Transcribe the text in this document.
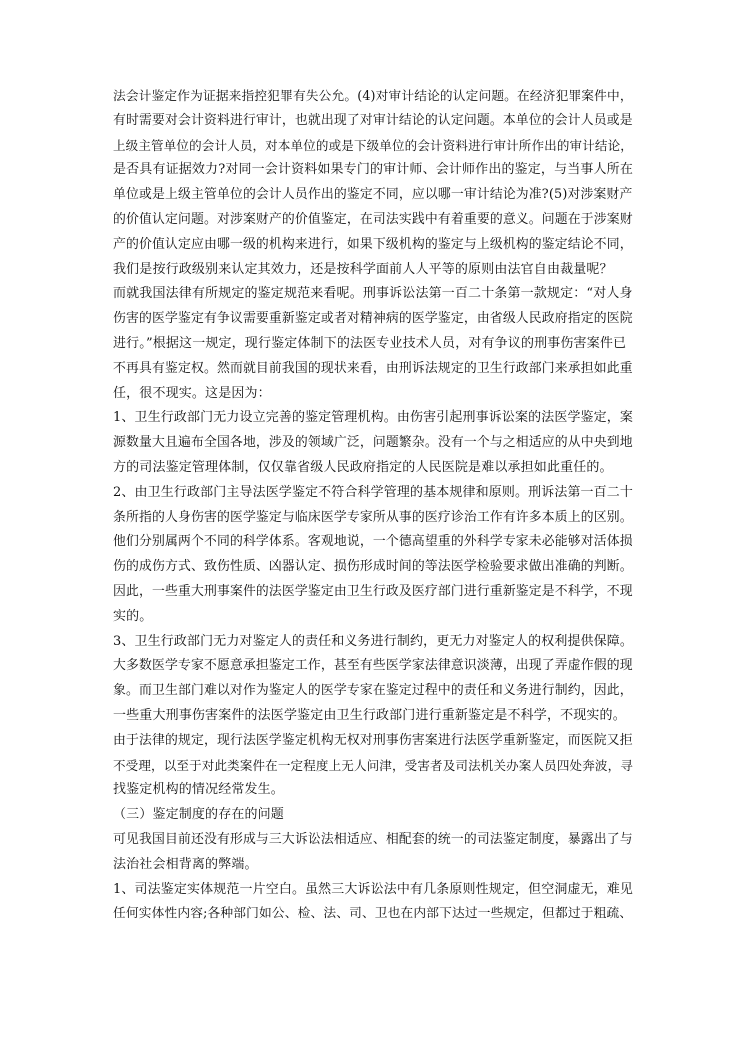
法会计鉴定作为证据来指控犯罪有失公允。(4)对审计结论的认定问题。在经济犯罪案件中，
有时需要对会计资料进行审计，也就出现了对审计结论的认定问题。本单位的会计人员或是
上级主管单位的会计人员，对本单位的或是下级单位的会计资料进行审计所作出的审计结论，
是否具有证据效力?对同一会计资料如果专门的审计师、会计师作出的鉴定，与当事人所在
单位或是上级主管单位的会计人员作出的鉴定不同，应以哪一审计结论为准?(5)对涉案财产
的价值认定问题。对涉案财产的价值鉴定，在司法实践中有着重要的意义。问题在于涉案财
产的价值认定应由哪一级的机构来进行，如果下级机构的鉴定与上级机构的鉴定结论不同，
我们是按行政级别来认定其效力，还是按科学面前人人平等的原则由法官自由裁量呢？
而就我国法律有所规定的鉴定规范来看呢。刑事诉讼法第一百二十条第一款规定：“对人身
伤害的医学鉴定有争议需要重新鉴定或者对精神病的医学鉴定，由省级人民政府指定的医院
进行。”根据这一规定，现行鉴定体制下的法医专业技术人员，对有争议的刑事伤害案件已
不再具有鉴定权。然而就目前我国的现状来看，由刑诉法规定的卫生行政部门来承担如此重
任，很不现实。这是因为：
1、卫生行政部门无力设立完善的鉴定管理机构。由伤害引起刑事诉讼案的法医学鉴定，案
源数量大且遍布全国各地，涉及的领域广泛，问题繁杂。没有一个与之相适应的从中央到地
方的司法鉴定管理体制，仅仅靠省级人民政府指定的人民医院是难以承担如此重任的。
2、由卫生行政部门主导法医学鉴定不符合科学管理的基本规律和原则。刑诉法第一百二十
条所指的人身伤害的医学鉴定与临床医学专家所从事的医疗诊治工作有许多本质上的区别。
他们分别属两个不同的科学体系。客观地说，一个德高望重的外科学专家未必能够对活体损
伤的成伤方式、致伤性质、凶器认定、损伤形成时间的等法医学检验要求做出准确的判断。
因此，一些重大刑事案件的法医学鉴定由卫生行政及医疗部门进行重新鉴定是不科学，不现
实的。
3、卫生行政部门无力对鉴定人的责任和义务进行制约，更无力对鉴定人的权利提供保障。
大多数医学专家不愿意承担鉴定工作，甚至有些医学家法律意识淡薄，出现了弄虚作假的现
象。而卫生部门难以对作为鉴定人的医学专家在鉴定过程中的责任和义务进行制约，因此，
一些重大刑事伤害案件的法医学鉴定由卫生行政部门进行重新鉴定是不科学，不现实的。
由于法律的规定，现行法医学鉴定机构无权对刑事伤害案进行法医学重新鉴定，而医院又拒
不受理，以至于对此类案件在一定程度上无人问津，受害者及司法机关办案人员四处奔波，寻
找鉴定机构的情况经常发生。
（三）鉴定制度的存在的问题
可见我国目前还没有形成与三大诉讼法相适应、相配套的统一的司法鉴定制度，暴露出了与
法治社会相背离的弊端。
1、司法鉴定实体规范一片空白。虽然三大诉讼法中有几条原则性规定，但空洞虚无，难见
任何实体性内容;各种部门如公、检、法、司、卫也在内部下达过一些规定，但都过于粗疏、
